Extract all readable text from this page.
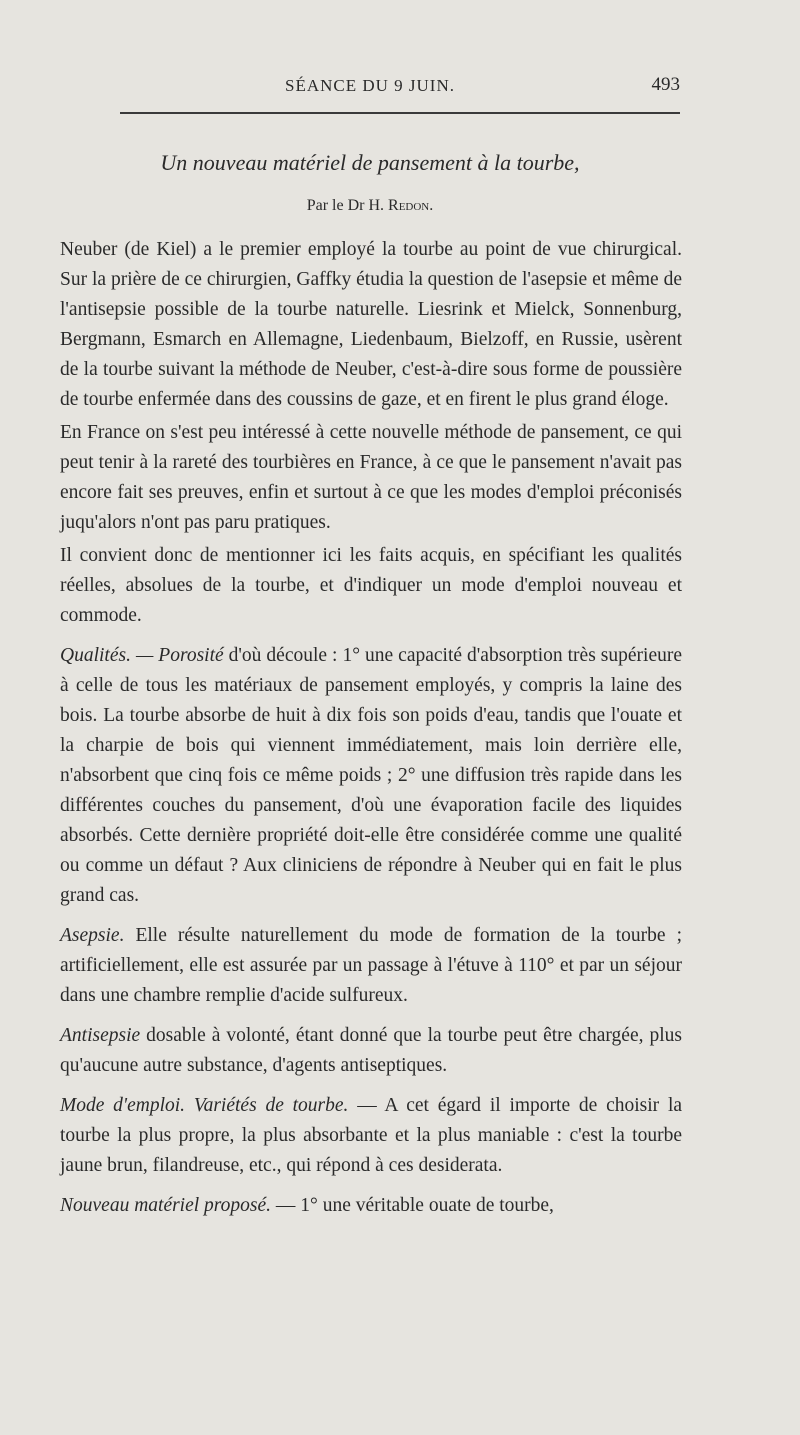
SÉANCE DU 9 JUIN.	493
Un nouveau matériel de pansement à la tourbe,
Par le Dr H. Redon.

Neuber (de Kiel) a le premier employé la tourbe au point de vue chirurgical. Sur la prière de ce chirurgien, Gaffky étudia la question de l'asepsie et même de l'antisepsie possible de la tourbe naturelle. Liesrink et Mielck, Sonnenburg, Bergmann, Esmarch en Allemagne, Liedenbaum, Bielzoff, en Russie, usèrent de la tourbe suivant la méthode de Neuber, c'est-à-dire sous forme de poussière de tourbe enfermée dans des coussins de gaze, et en firent le plus grand éloge.

En France on s'est peu intéressé à cette nouvelle méthode de pansement, ce qui peut tenir à la rareté des tourbières en France, à ce que le pansement n'avait pas encore fait ses preuves, enfin et surtout à ce que les modes d'emploi préconisés juqu'alors n'ont pas paru pratiques.

Il convient donc de mentionner ici les faits acquis, en spécifiant les qualités réelles, absolues de la tourbe, et d'indiquer un mode d'emploi nouveau et commode.

Qualités. — Porosité d'où découle : 1° une capacité d'absorption très supérieure à celle de tous les matériaux de pansement employés, y compris la laine des bois. La tourbe absorbe de huit à dix fois son poids d'eau, tandis que l'ouate et la charpie de bois qui viennent immédiatement, mais loin derrière elle, n'absorbent que cinq fois ce même poids ; 2° une diffusion très rapide dans les différentes couches du pansement, d'où une évaporation facile des liquides absorbés. Cette dernière propriété doit-elle être considérée comme une qualité ou comme un défaut ? Aux cliniciens de répondre à Neuber qui en fait le plus grand cas.

Asepsie. Elle résulte naturellement du mode de formation de la tourbe ; artificiellement, elle est assurée par un passage à l'étuve à 110° et par un séjour dans une chambre remplie d'acide sulfureux.

Antisepsie dosable à volonté, étant donné que la tourbe peut être chargée, plus qu'aucune autre substance, d'agents antiseptiques.

Mode d'emploi. Variétés de tourbe. — A cet égard il importe de choisir la tourbe la plus propre, la plus absorbante et la plus maniable : c'est la tourbe jaune brun, filandreuse, etc., qui répond à ces desiderata.

Nouveau matériel proposé. — 1° une véritable ouate de tourbe,
